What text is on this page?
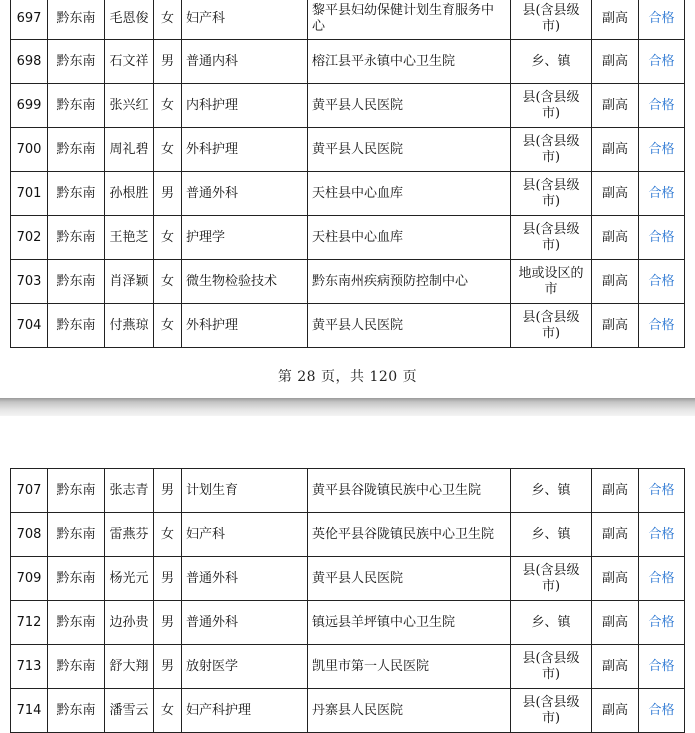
第 28 页，共 120 页
697	黔东南	毛恩俊	女	妇产科	黎平县妇幼保健计划生育服务中心	县(含县级市)	副高	合格
698	黔东南	石文祥	男	普通内科	榕江县平永镇中心卫生院	乡、镇	副高	合格
699	黔东南	张兴红	女	内科护理	黄平县人民医院	县(含县级市)	副高	合格
700	黔东南	周礼碧	女	外科护理	黄平县人民医院	县(含县级市)	副高	合格
701	黔东南	孙根胜	男	普通外科	天柱县中心血库	县(含县级市)	副高	合格
702	黔东南	王艳芝	女	护理学	天柱县中心血库	县(含县级市)	副高	合格
703	黔东南	肖泽颖	女	微生物检验技术	黔东南州疾病预防控制中心	地或设区的市	副高	合格
704	黔东南	付燕琼	女	外科护理	黄平县人民医院	县(含县级市)	副高	合格
707	黔东南	张志青	男	计划生育	黄平县谷陇镇民族中心卫生院	乡、镇	副高	合格
708	黔东南	雷燕芬	女	妇产科	英伦平县谷陇镇民族中心卫生院	乡、镇	副高	合格
709	黔东南	杨光元	男	普通外科	黄平县人民医院	县(含县级市)	副高	合格
712	黔东南	边孙贵	男	普通外科	镇远县羊坪镇中心卫生院	乡、镇	副高	合格
713	黔东南	舒大翔	男	放射医学	凯里市第一人民医院	县(含县级市)	副高	合格
714	黔东南	潘雪云	女	妇产科护理	丹寨县人民医院	县(含县级市)	副高	合格
